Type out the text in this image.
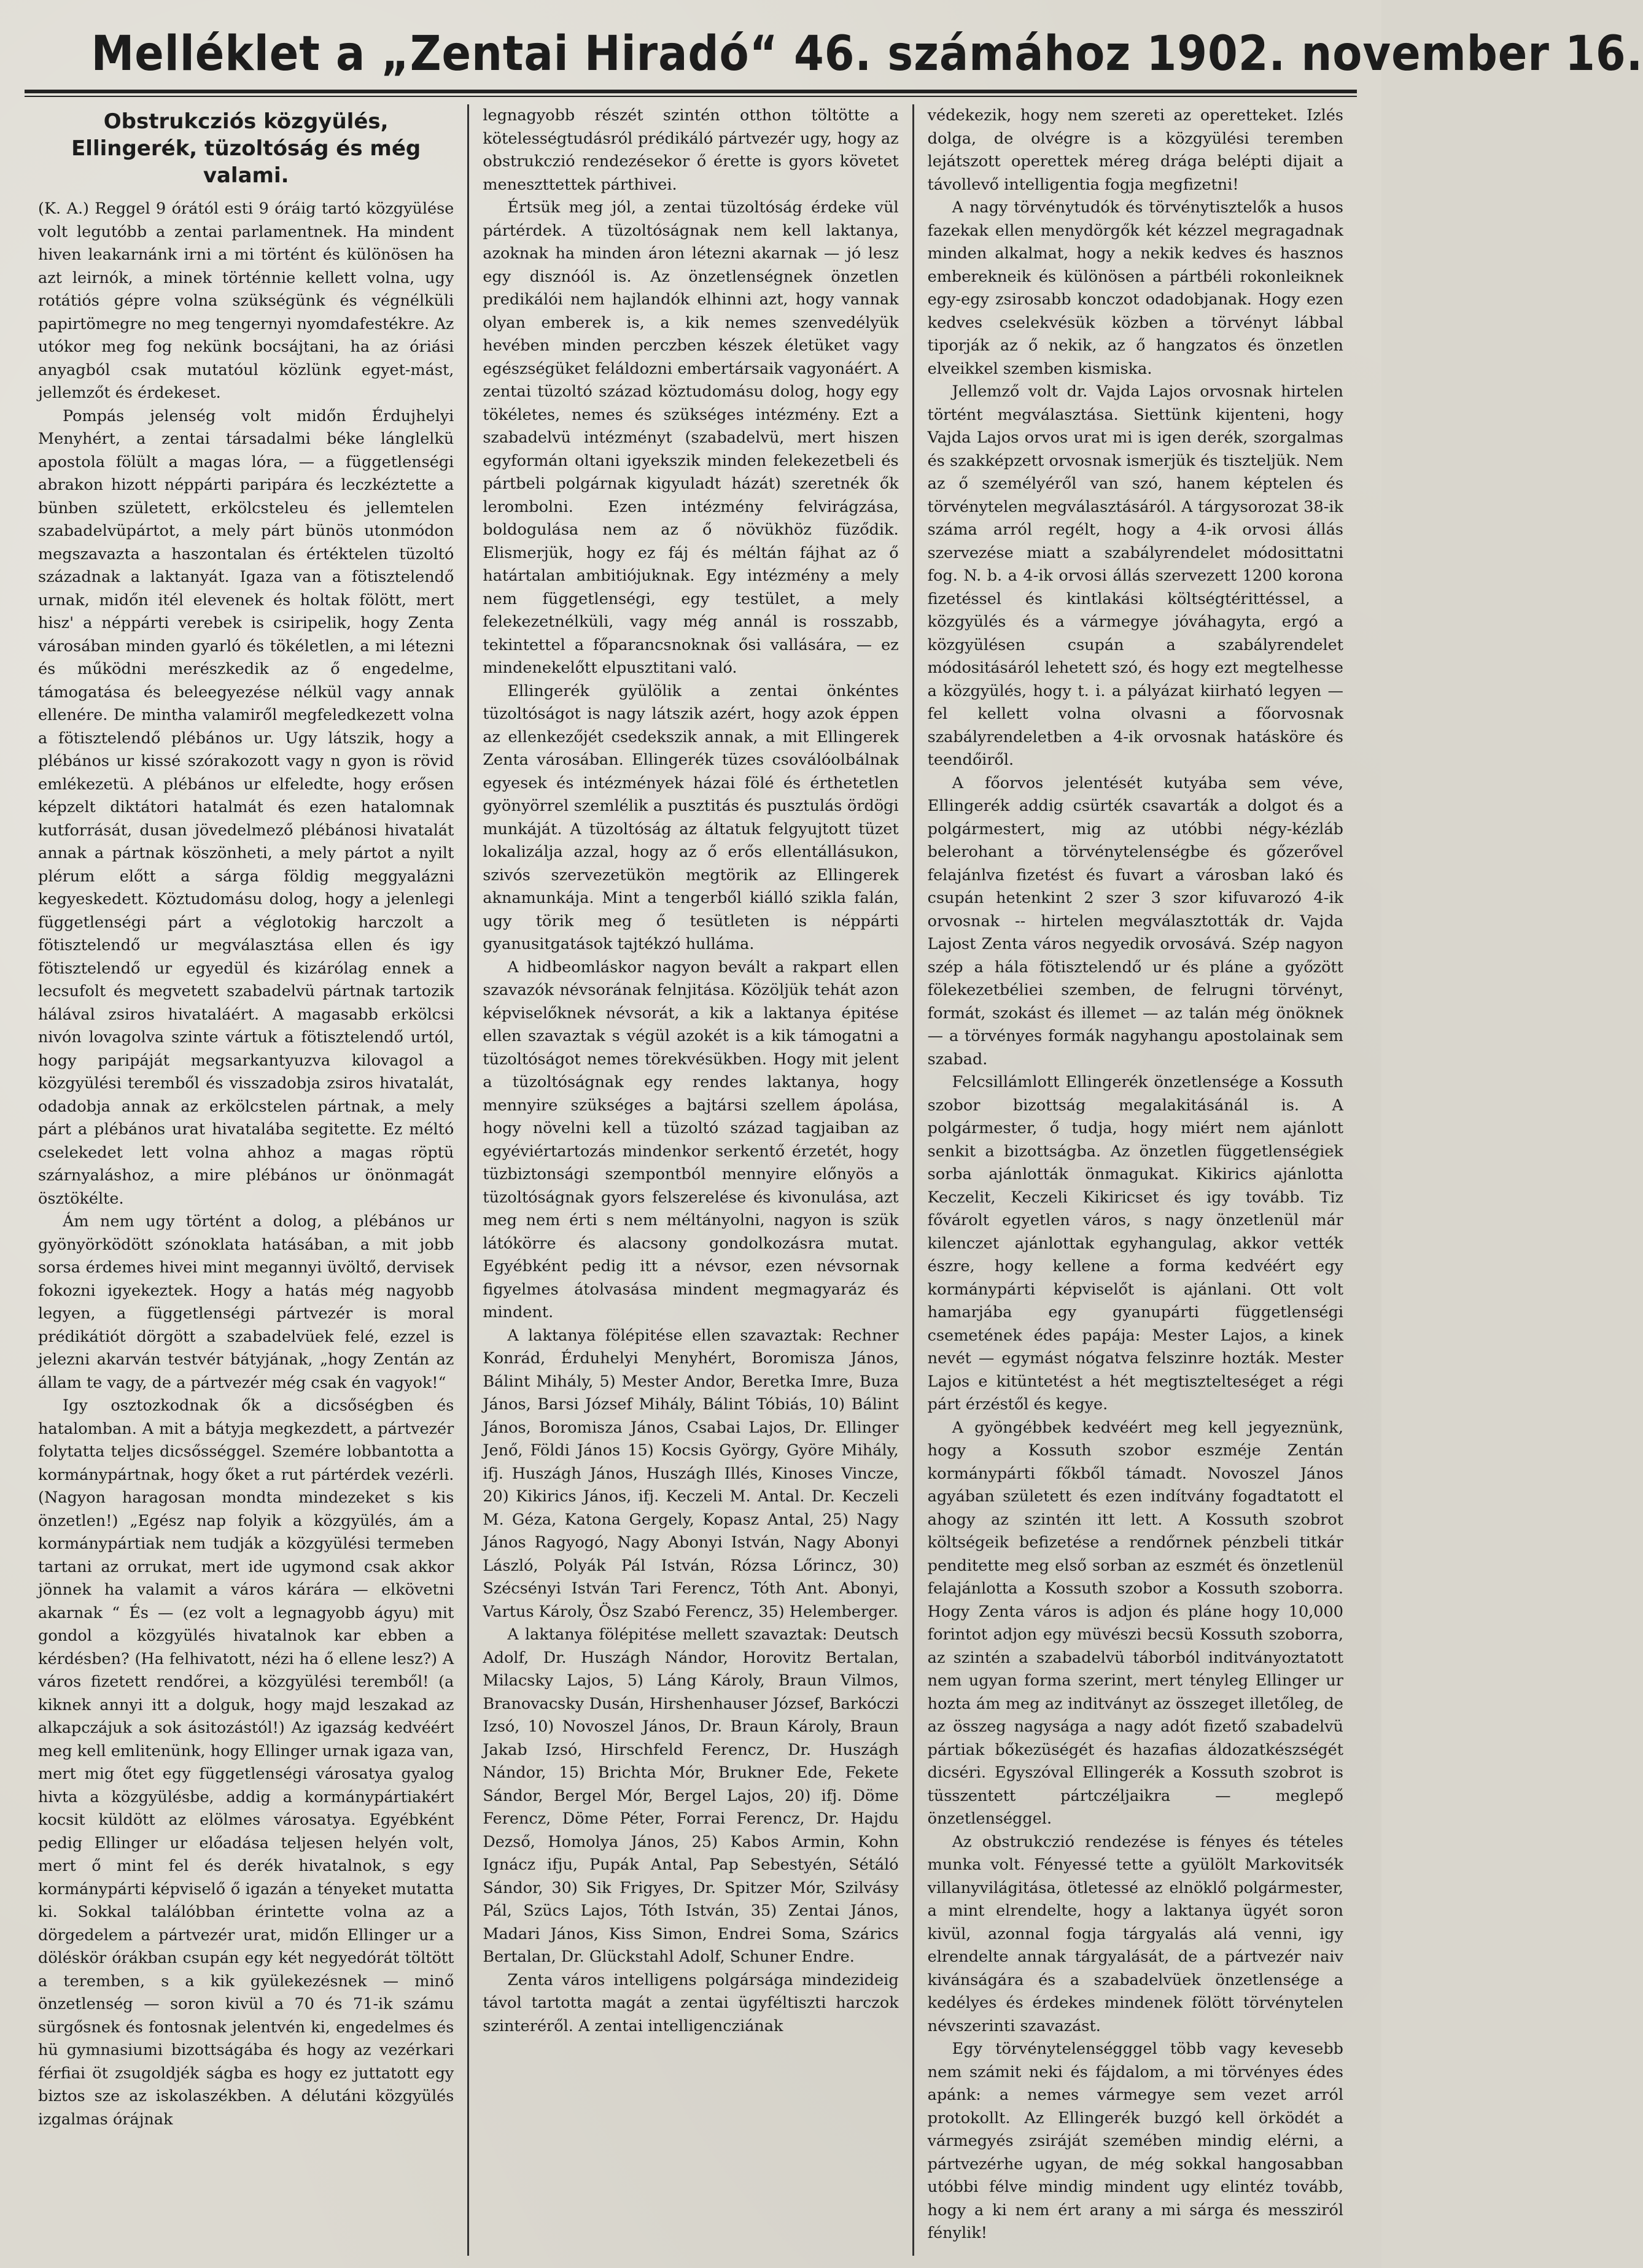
Melléklet a „Zentai Hiradó“ 46. számához 1902. november 16.
Obstrukcziós közgyülés, Ellingerék, tüzoltóság és még valami.

(K. A.) Reggel 9 órától esti 9 óráig tartó közgyülése volt legutóbb a zentai parlamentnek. Ha mindent hiven leakarnánk irni a mi történt és különösen ha azt leirnók, a minek történnie kellett volna, ugy rotátiós gépre volna szükségünk és végnélküli papirtömegre no meg tengernyi nyomdafestékre. Az utókor meg fog nekünk bocsájtani, ha az óriási anyagból csak mutatóul közlünk egyet-mást, jellemzőt és érdekeset.

Pompás jelenség volt midőn Érdujhelyi Menyhért, a zentai társadalmi béke lánglelkü apostola fölült a magas lóra, — a függetlenségi abrakon hizott néppárti paripára és leczkéztette a bünben született, erkölcsteleu és jellemtelen szabadelvüpártot, a mely párt bünös utonmódon megszavazta a haszontalan és értéktelen tüzoltó századnak a laktanyát. Igaza van a fötisztelendő urnak, midőn itél elevenek és holtak fölött, mert hisz' a néppárti verebek is csiripelik, hogy Zenta városában minden gyarló és tökéletlen, a mi létezni és működni merészkedik az ő engedelme, támogatása és beleegyezése nélkül vagy annak ellenére. De mintha valamiről megfeledkezett volna a fötisztelendő plébános ur. Ugy látszik, hogy a plébános ur kissé szórakozott vagy n gyon is rövid emlékezetü. A plébános ur elfeledte, hogy erősen képzelt diktátori hatalmát és ezen hatalomnak kutforrását, dusan jövedelmező plébánosi hivatalát annak a pártnak köszönheti, a mely pártot a nyilt plérum előtt a sárga földig meggyalázni kegyeskedett. Köztudomásu dolog, hogy a jelenlegi függetlenségi párt a véglotokig harczolt a fötisztelendő ur megválasztása ellen és igy fötisztelendő ur egyedül és kizárólag ennek a lecsufolt és megvetett szabadelvü pártnak tartozik hálával zsiros hivataláért. A magasabb erkölcsi nivón lovagolva szinte vártuk a fötisztelendő urtól, hogy paripáját megsarkantyuzva kilovagol a közgyülési teremből és visszadobja zsiros hivatalát, odadobja annak az erkölcstelen pártnak, a mely párt a plébános urat hivatalába segitette. Ez méltó cselekedet lett volna ahhoz a magas röptü szárnyaláshoz, a mire plébános ur önönmagát ösztökélte.

Ám nem ugy történt a dolog, a plébános ur gyönyörködött szónoklata hatásában, a mit jobb sorsa érdemes hivei mint megannyi üvöltő, dervisek fokozni igyekeztek. Hogy a hatás még nagyobb legyen, a függetlenségi pártvezér is moral prédikátiót dörgött a szabadelvüek felé, ezzel is jelezni akarván testvér bátyjának, „hogy Zentán az állam te vagy, de a pártvezér még csak én vagyok!“

Igy osztozkodnak ők a dicsőségben és hatalomban. A mit a bátyja megkezdett, a pártvezér folytatta teljes dicsősséggel. Szemére lobbantotta a kormánypártnak, hogy őket a rut pártérdek vezérli. (Nagyon haragosan mondta mindezeket s kis önzetlen!) „Egész nap folyik a közgyülés, ám a kormánypártiak nem tudják a közgyülési termeben tartani az orrukat, mert ide ugymond csak akkor jönnek ha valamit a város kárára — elkövetni akarnak “ És — (ez volt a legnagyobb ágyu) mit gondol a közgyülés hivatalnok kar ebben a kérdésben? (Ha felhivatott, nézi ha ő ellene lesz?) A város fizetett rendőrei, a közgyülési teremből! (a kiknek annyi itt a dolguk, hogy majd leszakad az alkapczájuk a sok ásitozástól!) Az igazság kedvéért meg kell emlitenünk, hogy Ellinger urnak igaza van, mert mig őtet egy függetlenségi városatya gyalog hivta a közgyülésbe, addig a kormánypártiakért kocsit küldött az elölmes városatya. Egyébként pedig Ellinger ur előadása teljesen helyén volt, mert ő mint fel és derék hivatalnok, s egy kormánypárti képviselő ő igazán a tényeket mutatta ki. Sokkal találóbban érintette volna az a dörgedelem a pártvezér urat, midőn Ellinger ur a döléskör órákban csupán egy két negyedórát töltött a teremben, s a kik gyülekezésnek — minő önzetlenség — soron kivül a 70 és 71-ik számu sürgősnek és fontosnak jelentvén ki, engedelmes és hü gymnasiumi bizottságába és hogy az vezérkari férfiai öt zsugoldjék ságba es hogy ez juttatott egy biztos sze az iskolaszékben. A délutáni közgyülés izgalmas órájnak

legnagyobb részét szintén otthon töltötte a kötelességtudásról prédikáló pártvezér ugy, hogy az obstrukczió rendezésekor ő érette is gyors követet meneszttettek párthivei.

Értsük meg jól, a zentai tüzoltóság érdeke vül pártérdek. A tüzoltóságnak nem kell laktanya, azoknak ha minden áron létezni akarnak — jó lesz egy disznóól is. Az önzetlenségnek önzetlen predikálói nem hajlandók elhinni azt, hogy vannak olyan emberek is, a kik nemes szenvedélyük hevében minden perczben készek életüket vagy egészségüket feláldozni embertársaik vagyonáért. A zentai tüzoltó század köztudomásu dolog, hogy egy tökéletes, nemes és szükséges intézmény. Ezt a szabadelvü intézményt (szabadelvü, mert hiszen egyformán oltani igyekszik minden felekezetbeli és pártbeli polgárnak kigyuladt házát) szeretnék ők lerombolni. Ezen intézmény felvirágzása, boldogulása nem az ő növükhöz füződik. Elismerjük, hogy ez fáj és méltán fájhat az ő határtalan ambitiójuknak. Egy intézmény a mely nem függetlenségi, egy testület, a mely felekezetnélküli, vagy még annál is rosszabb, tekintettel a főparancsnoknak ősi vallására, — ez mindenekelőtt elpusztitani való.

Ellingerék gyülölik a zentai önkéntes tüzoltóságot is nagy látszik azért, hogy azok éppen az ellenkezőjét csedekszik annak, a mit Ellingerek Zenta városában. Ellingerék tüzes csoválóolbálnak egyesek és intézmények házai fölé és érthetetlen gyönyörrel szemlélik a pusztitás és pusztulás ördögi munkáját. A tüzoltóság az áltatuk felgyujtott tüzet lokalizálja azzal, hogy az ő erős ellentállásukon, szivós szervezetükön megtörik az Ellingerek aknamunkája. Mint a tengerből kiálló szikla falán, ugy törik meg ő tesütleten is néppárti gyanusitgatások tajtékzó hulláma.

A hidbeomláskor nagyon bevált a rakpart ellen szavazók névsorának felnjitása. Közöljük tehát azon képviselőknek névsorát, a kik a laktanya épitése ellen szavaztak s végül azokét is a kik támogatni a tüzoltóságot nemes törekvésükben. Hogy mit jelent a tüzoltóságnak egy rendes laktanya, hogy mennyire szükséges a bajtársi szellem ápolása, hogy növelni kell a tüzoltó század tagjaiban az egyéviértartozás mindenkor serkentő érzetét, hogy tüzbiztonsági szempontból mennyire előnyös a tüzoltóságnak gyors felszerelése és kivonulása, azt meg nem érti s nem méltányolni, nagyon is szük látókörre és alacsony gondolkozásra mutat. Egyébként pedig itt a névsor, ezen névsornak figyelmes átolvasása mindent megmagyaráz és mindent.

A laktanya fölépitése ellen szavaztak: Rechner Konrád, Érduhelyi Menyhért, Boromisza János, Bálint Mihály, 5) Mester Andor, Beretka Imre, Buza János, Barsi József Mihály, Bálint Tóbiás, 10) Bálint János, Boromisza János, Csabai Lajos, Dr. Ellinger Jenő, Földi János 15) Kocsis György, Györe Mihály, ifj. Huszágh János, Huszágh Illés, Kinoses Vincze, 20) Kikirics János, ifj. Keczeli M. Antal. Dr. Keczeli M. Géza, Katona Gergely, Kopasz Antal, 25) Nagy János Ragyogó, Nagy Abonyi István, Nagy Abonyi László, Polyák Pál István, Rózsa Lőrincz, 30) Szécsényi István Tari Ferencz, Tóth Ant. Abonyi, Vartus Károly, Ösz Szabó Ferencz, 35) Helemberger.

A laktanya fölépitése mellett szavaztak: Deutsch Adolf, Dr. Huszágh Nándor, Horovitz Bertalan, Milacsky Lajos, 5) Láng Károly, Braun Vilmos, Branovacsky Dusán, Hirshenhauser József, Barkóczi Izsó, 10) Novoszel János, Dr. Braun Károly, Braun Jakab Izsó, Hirschfeld Ferencz, Dr. Huszágh Nándor, 15) Brichta Mór, Brukner Ede, Fekete Sándor, Bergel Mór, Bergel Lajos, 20) ifj. Döme Ferencz, Döme Péter, Forrai Ferencz, Dr. Hajdu Dezső, Homolya János, 25) Kabos Armin, Kohn Ignácz ifju, Pupák Antal, Pap Sebestyén, Sétáló Sándor, 30) Sik Frigyes, Dr. Spitzer Mór, Szilvásy Pál, Szücs Lajos, Tóth István, 35) Zentai János, Madari János, Kiss Simon, Endrei Soma, Szárics Bertalan, Dr. Glückstahl Adolf, Schuner Endre.

Zenta város intelligens polgársága mindezideig távol tartotta magát a zentai ügyféltiszti harczok szinteréről. A zentai intelligencziának

védekezik, hogy nem szereti az operetteket. Izlés dolga, de olvégre is a közgyülési teremben lejátszott operettek méreg drága belépti dijait a távollevő intelligentia fogja megfizetni!

A nagy törvénytudók és törvénytisztelők a husos fazekak ellen menydörgők két kézzel megragadnak minden alkalmat, hogy a nekik kedves és hasznos emberekneik és különösen a pártbéli rokonleiknek egy-egy zsirosabb konczot odadobjanak. Hogy ezen kedves cselekvésük közben a törvényt lábbal tiporják az ő nekik, az ő hangzatos és önzetlen elveikkel szemben kismiska.

Jellemző volt dr. Vajda Lajos orvosnak hirtelen történt megválasztása. Siettünk kijenteni, hogy Vajda Lajos orvos urat mi is igen derék, szorgalmas és szakképzett orvosnak ismerjük és tiszteljük. Nem az ő személyéről van szó, hanem képtelen és törvénytelen megválasztásáról. A tárgysorozat 38-ik száma arról regélt, hogy a 4-ik orvosi állás szervezése miatt a szabályrendelet módosittatni fog. N. b. a 4-ik orvosi állás szervezett 1200 korona fizetéssel és kintlakási költségtérittéssel, a közgyülés és a vármegye jóváhagyta, ergó a közgyülésen csupán a szabályrendelet módositásáról lehetett szó, és hogy ezt megtelhesse a közgyülés, hogy t. i. a pályázat kiirható legyen — fel kellett volna olvasni a főorvosnak szabályrendeletben a 4-ik orvosnak hatásköre és teendőiről.

A főorvos jelentését kutyába sem véve, Ellingerék addig csürték csavarták a dolgot és a polgármestert, mig az utóbbi négy-kézláb belerohant a törvénytelenségbe és gőzerővel felajánlva fizetést és fuvart a városban lakó és csupán hetenkint 2 szer 3 szor kifuvarozó 4-ik orvosnak -- hirtelen megválasztották dr. Vajda Lajost Zenta város negyedik orvosává. Szép nagyon szép a hála fötisztelendő ur és pláne a győzött fölekezetbéliei szemben, de felrugni törvényt, formát, szokást és illemet — az talán még önöknek — a törvényes formák nagyhangu apostolainak sem szabad.

Felcsillámlott Ellingerék önzetlensége a Kossuth szobor bizottság megalakitásánál is. A polgármester, ő tudja, hogy miért nem ajánlott senkit a bizottságba. Az önzetlen függetlenségiek sorba ajánlották önmagukat. Kikirics ajánlotta Keczelit, Keczeli Kikiricset és igy tovább. Tiz fővárolt egyetlen város, s nagy önzetlenül már kilenczet ajánlottak egyhangulag, akkor vették észre, hogy kellene a forma kedvéért egy kormánypárti képviselőt is ajánlani. Ott volt hamarjába egy gyanupárti függetlenségi csemetének édes papája: Mester Lajos, a kinek nevét — egymást nógatva felszinre hozták. Mester Lajos e kitüntetést a hét megtisztelteséget a régi párt érzéstől és kegye.

A gyöngébbek kedvéért meg kell jegyeznünk, hogy a Kossuth szobor eszméje Zentán kormánypárti főkből támadt. Novoszel János agyában született és ezen indítvány fogadtatott el ahogy az szintén itt lett. A Kossuth szobrot költségeik befizetése a rendőrnek pénzbeli titkár penditette meg első sorban az eszmét és önzetlenül felajánlotta a Kossuth szobor a Kossuth szoborra. Hogy Zenta város is adjon és pláne hogy 10,000 forintot adjon egy müvészi becsü Kossuth szoborra, az szintén a szabadelvü táborból inditványoztatott nem ugyan forma szerint, mert tényleg Ellinger ur hozta ám meg az inditványt az összeget illetőleg, de az összeg nagysága a nagy adót fizető szabadelvü pártiak bőkezüségét és hazafias áldozatkészségét dicséri. Egyszóval Ellingerék a Kossuth szobrot is tüsszentett pártczéljaikra — meglepő önzetlenséggel.

Az obstrukczió rendezése is fényes és tételes munka volt. Fényessé tette a gyülölt Markovitsék villanyvilágitása, ötletessé az elnöklő polgármester, a mint elrendelte, hogy a laktanya ügyét soron kivül, azonnal fogja tárgyalás alá venni, igy elrendelte annak tárgyalását, de a pártvezér naiv kivánságára és a szabadelvüek önzetlensége a kedélyes és érdekes mindenek fölött törvénytelen névszerinti szavazást.

Egy törvénytelenségggel több vagy kevesebb nem számit neki és fájdalom, a mi törvényes édes apánk: a nemes vármegye sem vezet arról protokollt. Az Ellingerék buzgó kell örködét a vármegyés zsiráját szemében mindig elérni, a pártvezérhe ugyan, de még sokkal hangosabban utóbbi félve mindig mindent ugy elintéz tovább, hogy a ki nem ért arany a mi sárga és messziról fénylik!
